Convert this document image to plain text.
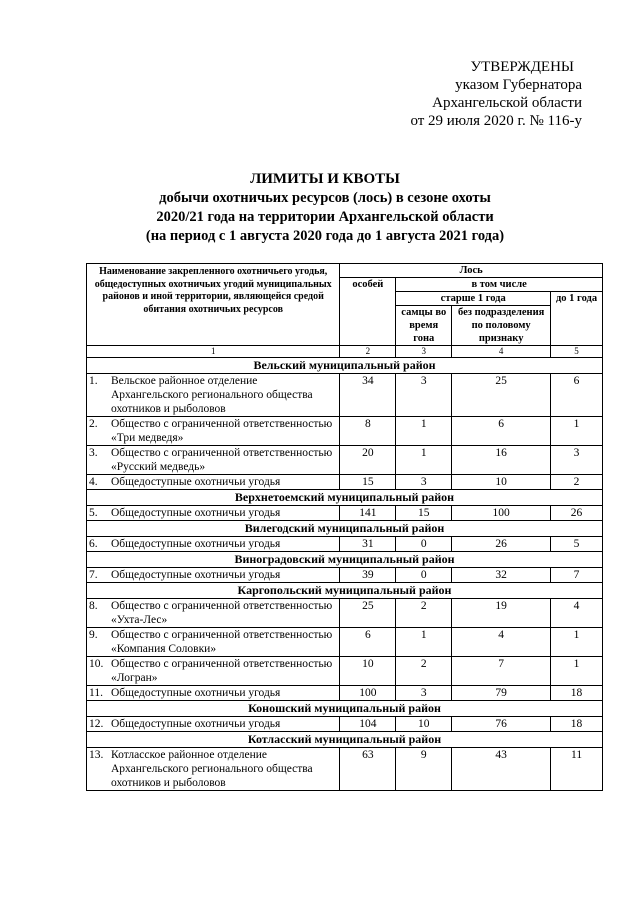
УТВЕРЖДЕНЫ
указом Губернатора
Архангельской области
от 29 июля 2020 г. № 116-у
ЛИМИТЫ И КВОТЫ
добычи охотничьих ресурсов (лось) в сезоне охоты
2020/21 года на территории Архангельской области
(на период с 1 августа 2020 года до 1 августа 2021 года)
Наименование закрепленного охотничьего угодья, общедоступных охотничьих угодий муниципальных районов и иной территории, являющейся средой обитания охотничьих ресурсов	Лось			
	особей	в том числе		
		старше 1 года		до 1 года
		самцы во время гона	без подразделения по половому признаку	
1	2	3	4	5
Вельский муниципальный район				

1. Вельское районное отделение Архангельского регионального общества охотников и рыболовов	34	3	25	6

2. Общество с ограниченной ответственностью «Три медведя»	8	1	6	1

3. Общество с ограниченной ответственностью «Русский медведь»	20	1	16	3

4. Общедоступные охотничьи угодья	15	3	10	2
Верхнетоемский муниципальный район				

5. Общедоступные охотничьи угодья	141	15	100	26
Вилегодский муниципальный район				

6. Общедоступные охотничьи угодья	31	0	26	5
Виноградовский муниципальный район				

7. Общедоступные охотничьи угодья	39	0	32	7
Каргопольский муниципальный район				

8. Общество с ограниченной ответственностью «Ухта-Лес»	25	2	19	4

9. Общество с ограниченной ответственностью «Компания Соловки»	6	1	4	1

10. Общество с ограниченной ответственностью «Логран»	10	2	7	1

11. Общедоступные охотничьи угодья	100	3	79	18
Коношский муниципальный район				

12. Общедоступные охотничьи угодья	104	10	76	18
Котласский муниципальный район				

13. Котласское районное отделение Архангельского регионального общества охотников и рыболовов	63	9	43	11
